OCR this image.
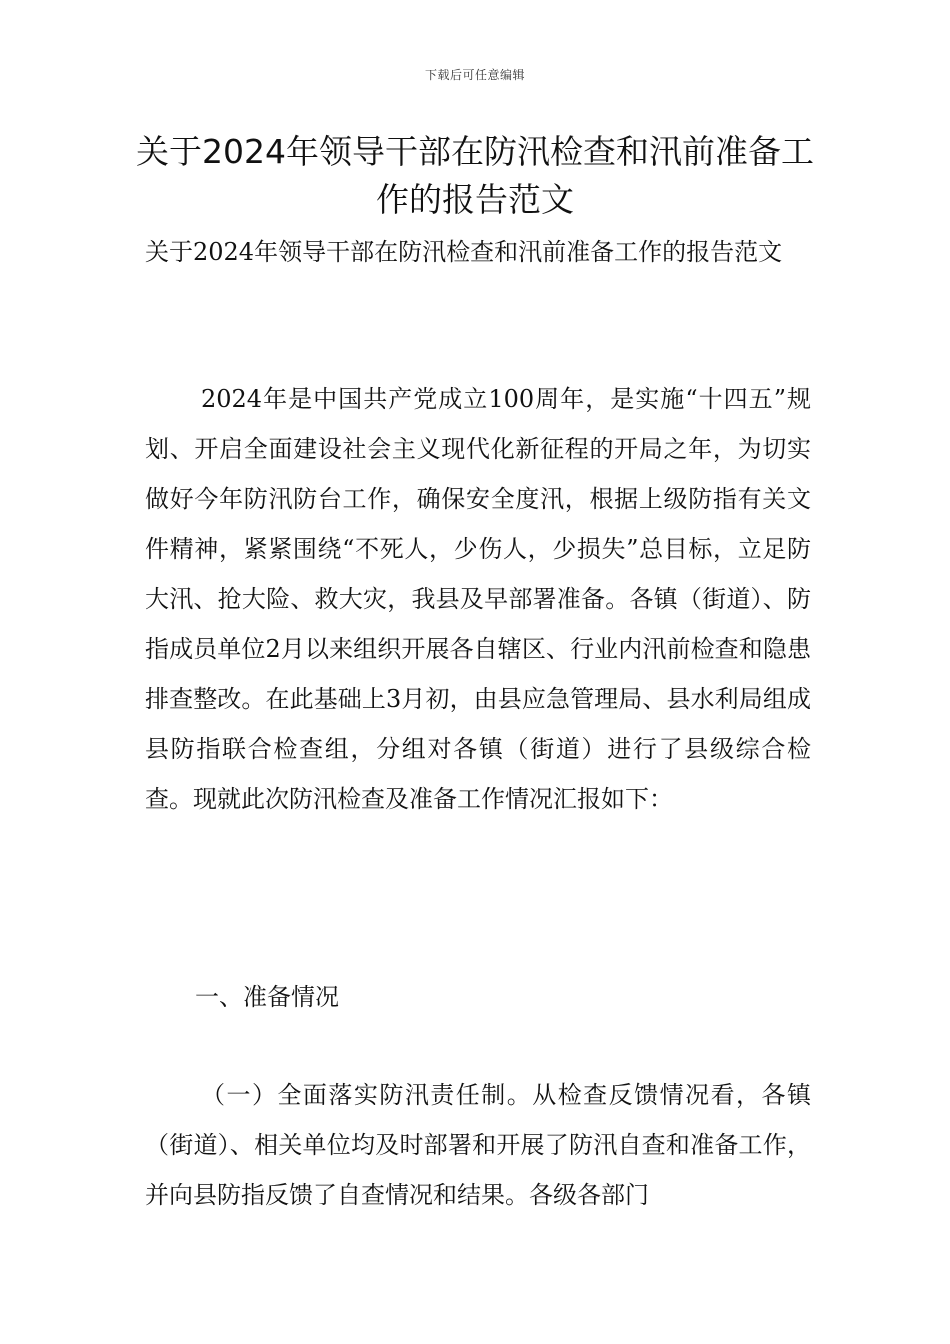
下载后可任意编辑
关于2024年领导干部在防汛检查和汛前准备工作的报告范文

关于2024年领导干部在防汛检查和汛前准备工作的报告范文

2024年是中国共产党成立100周年，是实施“十四五”规划、开启全面建设社会主义现代化新征程的开局之年，为切实做好今年防汛防台工作，确保安全度汛，根据上级防指有关文件精神，紧紧围绕“不死人，少伤人，少损失”总目标，立足防大汛、抢大险、救大灾，我县及早部署准备。各镇（街道）、防指成员单位2月以来组织开展各自辖区、行业内汛前检查和隐患排查整改。在此基础上3月初，由县应急管理局、县水利局组成县防指联合检查组，分组对各镇（街道）进行了县级综合检查。现就此次防汛检查及准备工作情况汇报如下：

一、准备情况

（一）全面落实防汛责任制。从检查反馈情况看，各镇（街道）、相关单位均及时部署和开展了防汛自查和准备工作，并向县防指反馈了自查情况和结果。各级各部门
